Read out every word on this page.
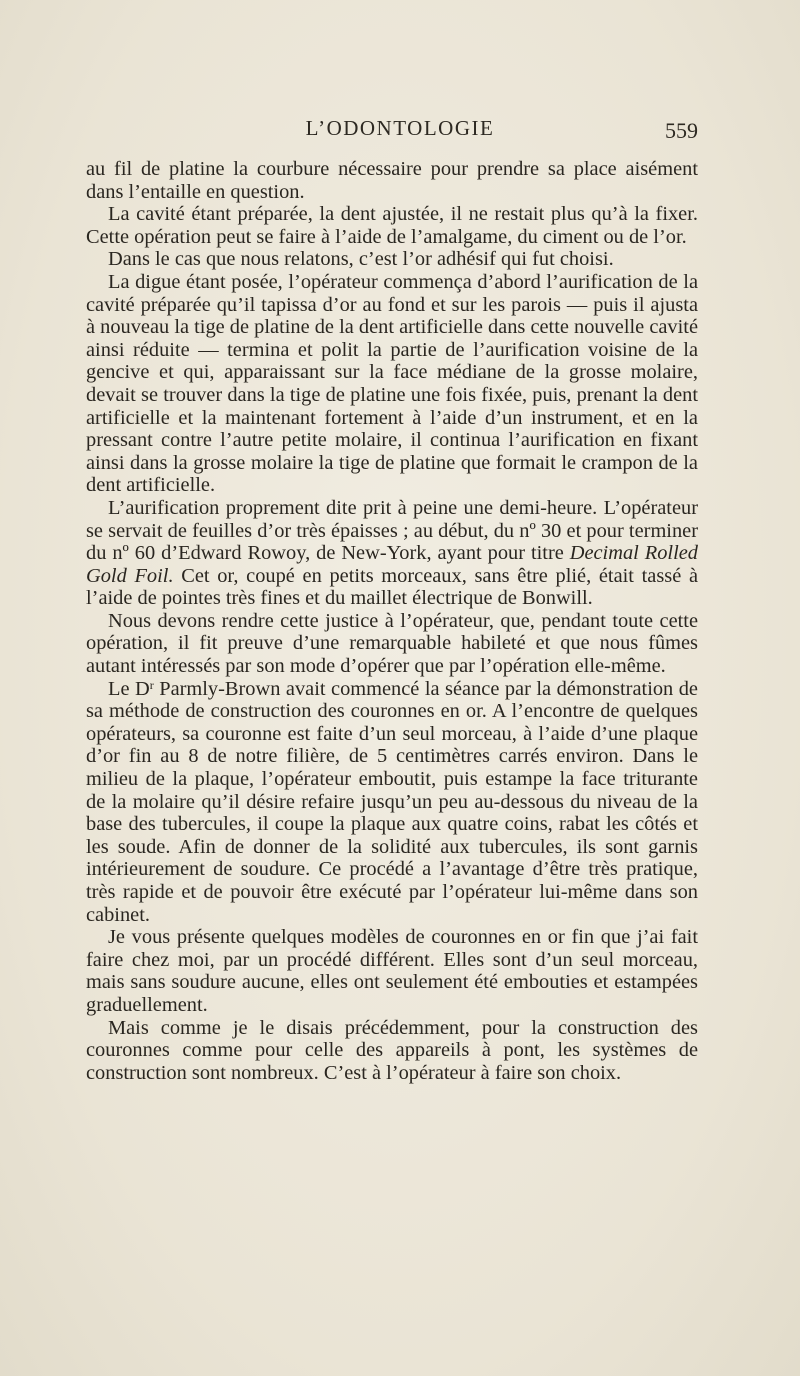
L’ODONTOLOGIE	559

au fil de platine la courbure nécessaire pour prendre sa place aisément dans l’entaille en question.

La cavité étant préparée, la dent ajustée, il ne restait plus qu’à la fixer. Cette opération peut se faire à l’aide de l’amalgame, du ciment ou de l’or.

Dans le cas que nous relatons, c’est l’or adhésif qui fut choisi.

La digue étant posée, l’opérateur commença d’abord l’aurification de la cavité préparée qu’il tapissa d’or au fond et sur les parois — puis il ajusta à nouveau la tige de platine de la dent artificielle dans cette nouvelle cavité ainsi réduite — termina et polit la partie de l’aurification voisine de la gencive et qui, apparaissant sur la face médiane de la grosse molaire, devait se trouver dans la tige de platine une fois fixée, puis, prenant la dent artificielle et la maintenant fortement à l’aide d’un instrument, et en la pressant contre l’autre petite molaire, il continua l’aurification en fixant ainsi dans la grosse molaire la tige de platine que formait le crampon de la dent artificielle.

L’aurification proprement dite prit à peine une demi-heure. L’opérateur se servait de feuilles d’or très épaisses ; au début, du nº 30 et pour terminer du nº 60 d’Edward Rowoy, de New-York, ayant pour titre Decimal Rolled Gold Foil. Cet or, coupé en petits morceaux, sans être plié, était tassé à l’aide de pointes très fines et du maillet électrique de Bonwill.

Nous devons rendre cette justice à l’opérateur, que, pendant toute cette opération, il fit preuve d’une remarquable habileté et que nous fûmes autant intéressés par son mode d’opérer que par l’opération elle-même.

Le $D^r$ Parmly-Brown avait commencé la séance par la démonstration de sa méthode de construction des couronnes en or. A l’encontre de quelques opérateurs, sa couronne est faite d’un seul morceau, à l’aide d’une plaque d’or fin au 8 de notre filière, de 5 centimètres carrés environ. Dans le milieu de la plaque, l’opérateur emboutit, puis estampe la face triturante de la molaire qu’il désire refaire jusqu’un peu au-dessous du niveau de la base des tubercules, il coupe la plaque aux quatre coins, rabat les côtés et les soude. Afin de donner de la solidité aux tubercules, ils sont garnis intérieurement de soudure. Ce procédé a l’avantage d’être très pratique, très rapide et de pouvoir être exécuté par l’opérateur lui-même dans son cabinet.

Je vous présente quelques modèles de couronnes en or fin que j’ai fait faire chez moi, par un procédé différent. Elles sont d’un seul morceau, mais sans soudure aucune, elles ont seulement été embouties et estampées graduellement.

Mais comme je le disais précédemment, pour la construction des couronnes comme pour celle des appareils à pont, les systèmes de construction sont nombreux. C’est à l’opérateur à faire son choix.
